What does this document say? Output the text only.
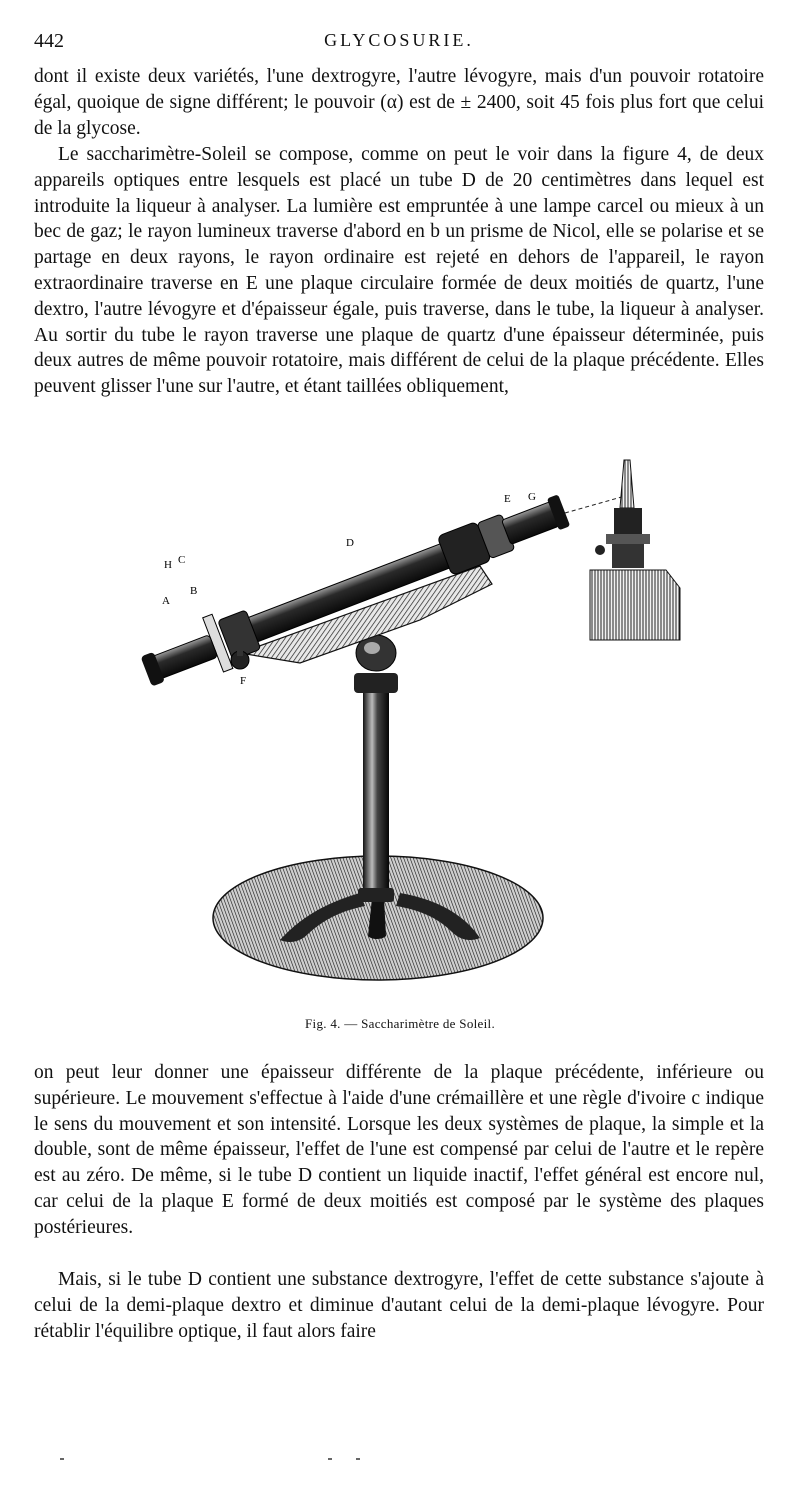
442	GLYCOSURIE.

dont il existe deux variétés, l'une dextrogyre, l'autre lévogyre, mais d'un pouvoir rotatoire égal, quoique de signe différent; le pouvoir (α) est de ± 2400, soit 45 fois plus fort que celui de la glycose.

Le saccharimètre-Soleil se compose, comme on peut le voir dans la figure 4, de deux appareils optiques entre lesquels est placé un tube D de 20 centimètres dans lequel est introduite la liqueur à analyser. La lumière est empruntée à une lampe carcel ou mieux à un bec de gaz; le rayon lumineux traverse d'abord en b un prisme de Nicol, elle se polarise et se partage en deux rayons, le rayon ordinaire est rejeté en dehors de l'appareil, le rayon extraordinaire traverse en E une plaque circulaire formée de deux moitiés de quartz, l'une dextro, l'autre lévogyre et d'épaisseur égale, puis traverse, dans le tube, la liqueur à analyser. Au sortir du tube le rayon traverse une plaque de quartz d'une épaisseur déterminée, puis deux autres de même pouvoir rotatoire, mais différent de celui de la plaque précédente. Elles peuvent glisser l'une sur l'autre, et étant taillées obliquement,

H C
A
B
F
D
E G
Fig. 4. — Saccharimètre de Soleil.

on peut leur donner une épaisseur différente de la plaque précédente, inférieure ou supérieure. Le mouvement s'effectue à l'aide d'une crémaillère et une règle d'ivoire c indique le sens du mouvement et son intensité. Lorsque les deux systèmes de plaque, la simple et la double, sont de même épaisseur, l'effet de l'une est compensé par celui de l'autre et le repère est au zéro. De même, si le tube D contient un liquide inactif, l'effet général est encore nul, car celui de la plaque E formé de deux moitiés est composé par le système des plaques postérieures.

Mais, si le tube D contient une substance dextrogyre, l'effet de cette substance s'ajoute à celui de la demi-plaque dextro et diminue d'autant celui de la demi-plaque lévogyre. Pour rétablir l'équilibre optique, il faut alors faire
